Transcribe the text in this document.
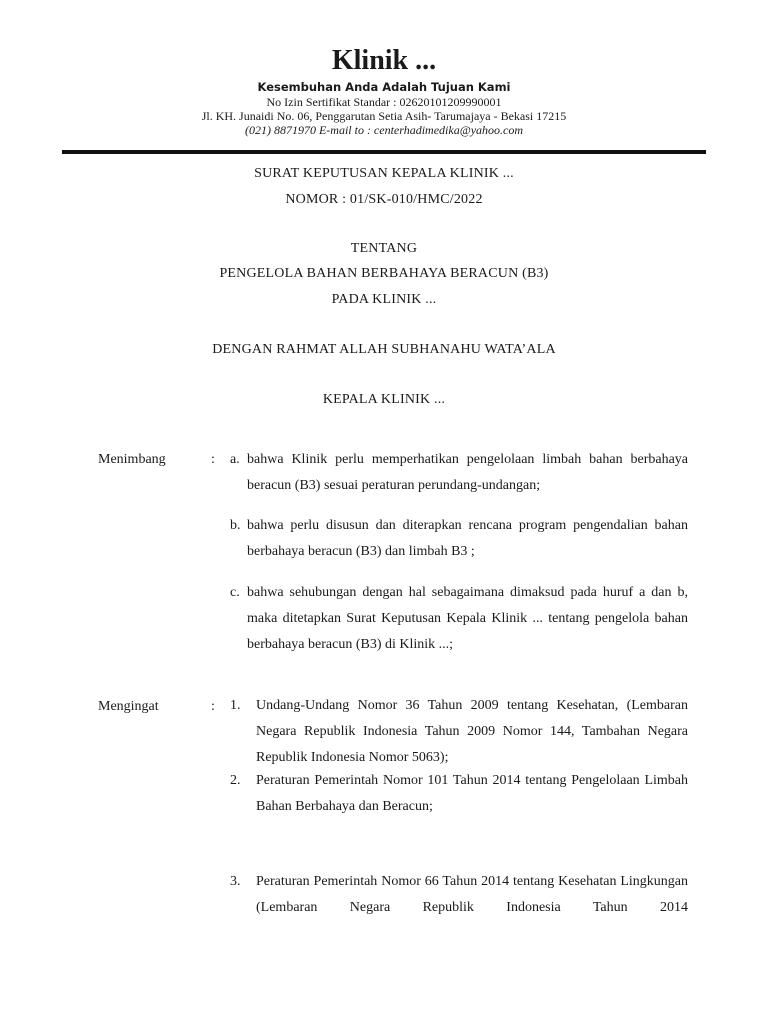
Klinik ...
Kesembuhan Anda Adalah Tujuan Kami
No Izin Sertifikat Standar : 02620101209990001
Jl. KH. Junaidi No. 06, Penggarutan Setia Asih- Tarumajaya - Bekasi 17215
(021) 8871970 E-mail to : centerhadimedika@yahoo.com
SURAT KEPUTUSAN KEPALA KLINIK ...
NOMOR : 01/SK-010/HMC/2022
TENTANG
PENGELOLA BAHAN BERBAHAYA BERACUN (B3)
PADA KLINIK ...
DENGAN RAHMAT ALLAH SUBHANAHU WATA’ALA
KEPALA KLINIK ...
Menimbang	: a. bahwa Klinik perlu memperhatikan pengelolaan limbah bahan berbahaya beracun (B3) sesuai peraturan perundang-undangan;
b. bahwa perlu disusun dan diterapkan rencana program pengendalian bahan berbahaya beracun (B3) dan limbah B3 ;
c. bahwa sehubungan dengan hal sebagaimana dimaksud pada huruf a dan b, maka ditetapkan Surat Keputusan Kepala Klinik ... tentang pengelola bahan berbahaya beracun (B3) di Klinik ...;
Mengingat	: 1. Undang-Undang Nomor 36 Tahun 2009 tentang Kesehatan, (Lembaran Negara Republik Indonesia Tahun 2009 Nomor 144, Tambahan Negara Republik Indonesia Nomor 5063);
2. Peraturan Pemerintah Nomor 101 Tahun 2014 tentang Pengelolaan Limbah Bahan Berbahaya dan Beracun;
3. Peraturan Pemerintah Nomor 66 Tahun 2014 tentang Kesehatan Lingkungan (Lembaran Negara Republik Indonesia Tahun 2014
